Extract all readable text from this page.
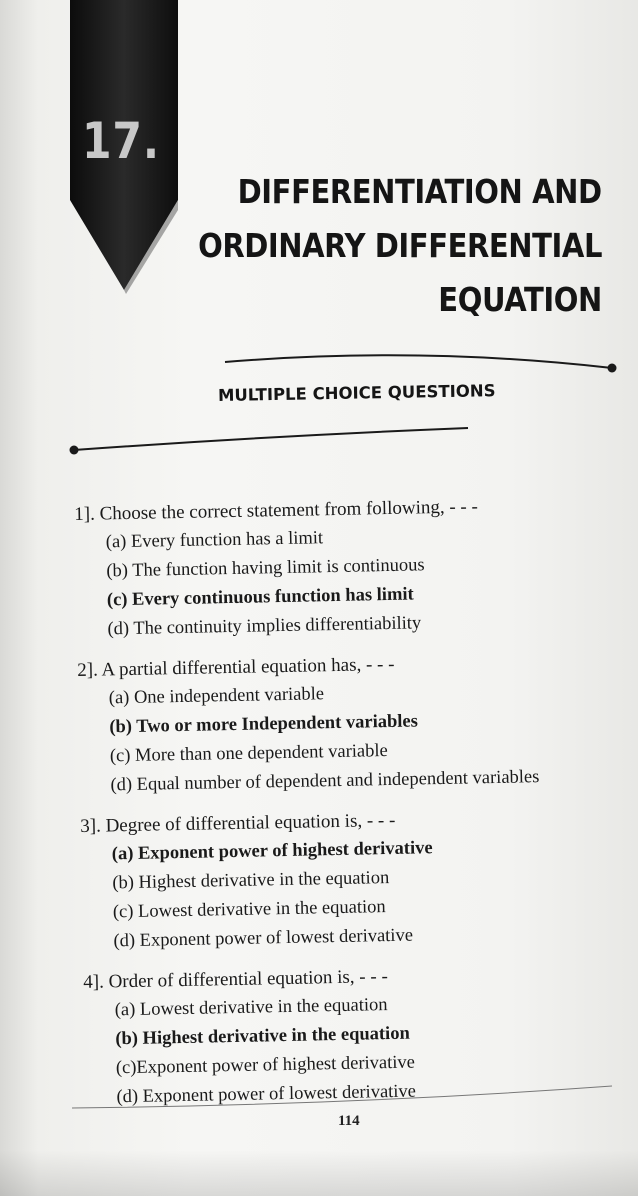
17.
DIFFERENTIATION AND
ORDINARY DIFFERENTIAL
EQUATION
MULTIPLE CHOICE QUESTIONS
1]. Choose the correct statement from following, - - -
(a) Every function has a limit
(b) The function having limit is continuous
(c) Every continuous function has limit
(d) The continuity implies differentiability
2]. A partial differential equation has, - - -
(a) One independent variable
(b) Two or more Independent variables
(c) More than one dependent variable
(d) Equal number of dependent and independent variables
3]. Degree of differential equation is, - - -
(a) Exponent power of highest derivative
(b) Highest derivative in the equation
(c) Lowest derivative in the equation
(d) Exponent power of lowest derivative
4]. Order of differential equation is, - - -
(a) Lowest derivative in the equation
(b) Highest derivative in the equation
(c)Exponent power of highest derivative
(d) Exponent power of lowest derivative
114
